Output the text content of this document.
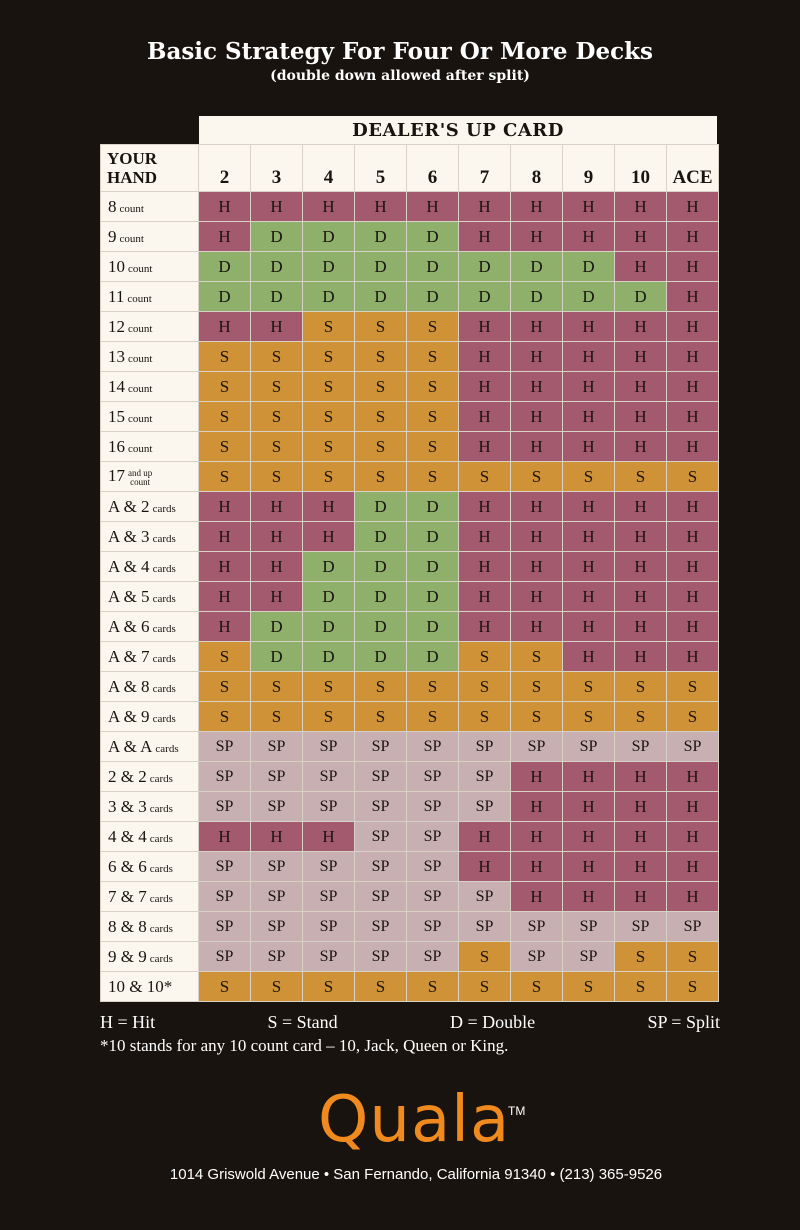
Basic Strategy For Four Or More Decks
(double down allowed after split)
DEALER'S UP CARD
YOUR
HAND	2	3	4	5	6	7	8	9	10	ACE
8 count	H	H	H	H	H	H	H	H	H	H
9 count	H	D	D	D	D	H	H	H	H	H
10 count	D	D	D	D	D	D	D	D	H	H
11 count	D	D	D	D	D	D	D	D	D	H
12 count	H	H	S	S	S	H	H	H	H	H
13 count	S	S	S	S	S	H	H	H	H	H
14 count	S	S	S	S	S	H	H	H	H	H
15 count	S	S	S	S	S	H	H	H	H	H
16 count	S	S	S	S	S	H	H	H	H	H
17 and up
count	S	S	S	S	S	S	S	S	S	S
A & 2 cards	H	H	H	D	D	H	H	H	H	H
A & 3 cards	H	H	H	D	D	H	H	H	H	H
A & 4 cards	H	H	D	D	D	H	H	H	H	H
A & 5 cards	H	H	D	D	D	H	H	H	H	H
A & 6 cards	H	D	D	D	D	H	H	H	H	H
A & 7 cards	S	D	D	D	D	S	S	H	H	H
A & 8 cards	S	S	S	S	S	S	S	S	S	S
A & 9 cards	S	S	S	S	S	S	S	S	S	S
A & A cards	SP	SP	SP	SP	SP	SP	SP	SP	SP	SP
2 & 2 cards	SP	SP	SP	SP	SP	SP	H	H	H	H
3 & 3 cards	SP	SP	SP	SP	SP	SP	H	H	H	H
4 & 4 cards	H	H	H	SP	SP	H	H	H	H	H
6 & 6 cards	SP	SP	SP	SP	SP	H	H	H	H	H
7 & 7 cards	SP	SP	SP	SP	SP	SP	H	H	H	H
8 & 8 cards	SP	SP	SP	SP	SP	SP	SP	SP	SP	SP
9 & 9 cards	SP	SP	SP	SP	SP	S	SP	SP	S	S
10 & 10*	S	S	S	S	S	S	S	S	S	S
H = Hit	S = Stand	D = Double	SP = Split
*10 stands for any 10 count card – 10, Jack, Queen or King.
Quala
TM
1014 Griswold Avenue • San Fernando, California 91340 • (213) 365-9526
